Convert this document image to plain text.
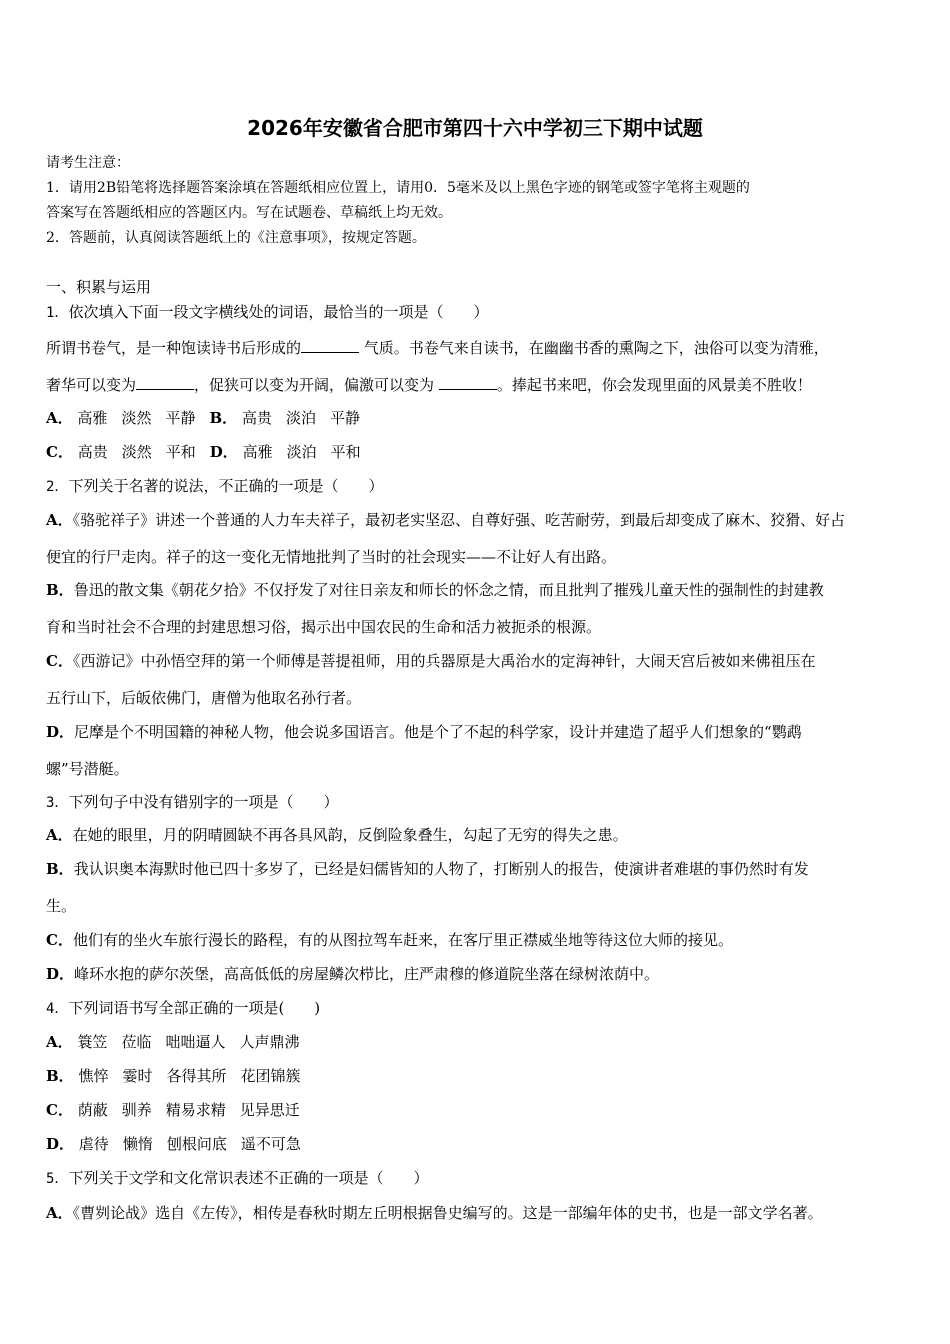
2026年安徽省合肥市第四十六中学初三下期中试题
请考生注意：
1．请用2B铅笔将选择题答案涂填在答题纸相应位置上，请用0．5毫米及以上黑色字迹的钢笔或签字笔将主观题的
答案写在答题纸相应的答题区内。写在试题卷、草稿纸上均无效。
2．答题前，认真阅读答题纸上的《注意事项》，按规定答题。
一、积累与运用
1．依次填入下面一段文字横线处的词语，最恰当的一项是（　　）
所谓书卷气，是一种饱读诗书后形成的	气质。书卷气来自读书，在幽幽书香的熏陶之下，浊俗可以变为清雅，
奢华可以变为	，促狭可以变为开阔，偏激可以变为	。捧起书来吧，你会发现里面的风景美不胜收！
A． 高雅 淡然 平静 B． 高贵 淡泊 平静
C． 高贵 淡然 平和 D． 高雅 淡泊 平和
2．下列关于名著的说法，不正确的一项是（　　）
A．《骆驼祥子》讲述一个普通的人力车夫祥子，最初老实坚忍、自尊好强、吃苦耐劳，到最后却变成了麻木、狡猾、好占
便宜的行尸走肉。祥子的这一变化无情地批判了当时的社会现实——不让好人有出路。
B．鲁迅的散文集《朝花夕拾》不仅抒发了对往日亲友和师长的怀念之情，而且批判了摧残儿童天性的强制性的封建教
育和当时社会不合理的封建思想习俗，揭示出中国农民的生命和活力被扼杀的根源。
C．《西游记》中孙悟空拜的第一个师傅是菩提祖师，用的兵器原是大禹治水的定海神针，大闹天宫后被如来佛祖压在
五行山下，后皈依佛门，唐僧为他取名孙行者。
D．尼摩是个不明国籍的神秘人物，他会说多国语言。他是个了不起的科学家，设计并建造了超乎人们想象的“鹦鹉
螺”号潜艇。
3．下列句子中没有错别字的一项是（　　）
A．在她的眼里，月的阴晴圆缺不再各具风韵，反倒险象叠生，勾起了无穷的得失之患。
B．我认识奥本海默时他已四十多岁了，已经是妇儒皆知的人物了，打断别人的报告，使演讲者难堪的事仍然时有发
生。
C．他们有的坐火车旅行漫长的路程，有的从图拉驾车赶来，在客厅里正襟威坐地等待这位大师的接见。
D．峰环水抱的萨尔茨堡，高高低低的房屋鳞次栉比，庄严肃穆的修道院坐落在绿树浓荫中。
4．下列词语书写全部正确的一项是(　　)
A． 簑笠 莅临 咄咄逼人 人声鼎沸
B． 憔悴 霎时 各得其所 花团锦簇
C． 荫蔽 驯养 精易求精 见异思迁
D． 虐待 懒惰 刨根问底 遥不可急
5．下列关于文学和文化常识表述不正确的一项是（　　）
A．《曹刿论战》选自《左传》，相传是春秋时期左丘明根据鲁史编写的。这是一部编年体的史书，也是一部文学名著。
